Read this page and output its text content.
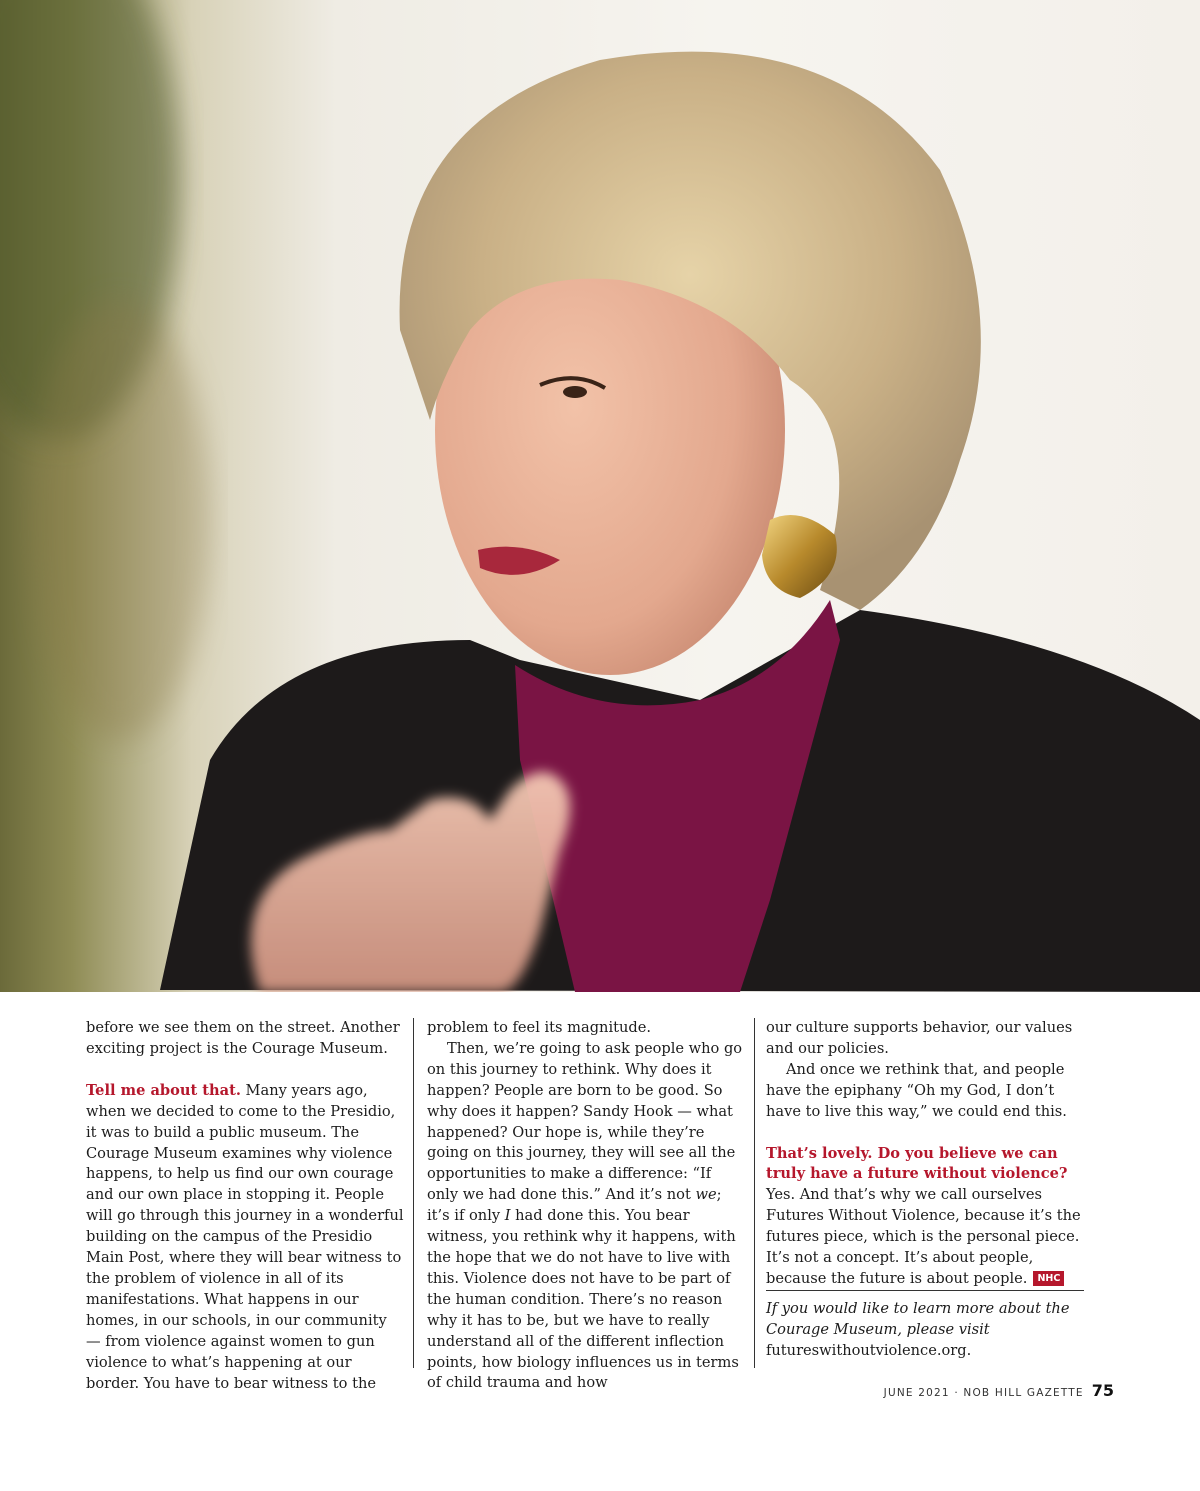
before we see them on the street. Another exciting project is the Courage Museum.

Tell me about that. Many years ago, when we decided to come to the Presidio, it was to build a public museum. The Courage Museum examines why violence happens, to help us find our own courage and our own place in stopping it. People will go through this journey in a wonderful building on the campus of the Presidio Main Post, where they will bear witness to the problem of violence in all of its manifestations. What happens in our homes, in our schools, in our community — from violence against women to gun violence to what’s happening at our border. You have to bear witness to the

problem to feel its magnitude.

Then, we’re going to ask people who go on this journey to rethink. Why does it happen? People are born to be good. So why does it happen? Sandy Hook — what happened? Our hope is, while they’re going on this journey, they will see all the opportunities to make a difference: “If only we had done this.” And it’s not we; it’s if only I had done this. You bear witness, you rethink why it happens, with the hope that we do not have to live with this. Violence does not have to be part of the human condition. There’s no reason why it has to be, but we have to really understand all of the different inflection points, how biology influences us in terms of child trauma and how

our culture supports behavior, our values and our policies.

And once we rethink that, and people have the epiphany “Oh my God, I don’t have to live this way,” we could end this.

That’s lovely. Do you believe we can truly have a future without violence?

Yes. And that’s why we call ourselves Futures Without Violence, because it’s the futures piece, which is the personal piece. It’s not a concept. It’s about people, because the future is about people. NHC

If you would like to learn more about the Courage Museum, please visit futureswithoutviolence.org.

JUNE 2021 · NOB HILL GAZETTE 75
